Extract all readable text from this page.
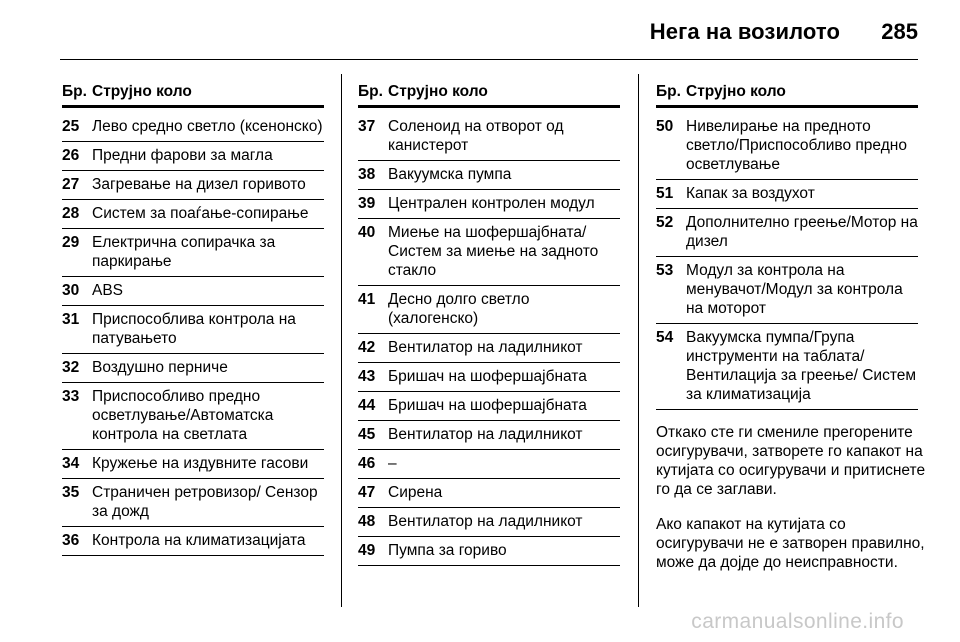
Нега на возилото 285
Бр. Струјно коло
25 Лево средно светло (ксенонско)
26 Предни фарови за магла
27 Загревање на дизел горивото
28 Систем за поаѓање-сопирање
29 Електрична сопирачка за паркирање
30 ABS
31 Приспособлива контрола на патувањето
32 Воздушно перниче
33 Приспособливо предно осветлување/Автоматска контрола на светлата
34 Кружење на издувните гасови
35 Страничен ретровизор/ Сензор за дожд
36 Контрола на климатизацијата
Бр. Струјно коло
37 Соленоид на отворот од канистерот
38 Вакуумска пумпа
39 Централен контролен модул
40 Миење на шофершајбната/ Систем за миење на задното стакло
41 Десно долго светло (халогенско)
42 Вентилатор на ладилникот
43 Бришач на шофершајбната
44 Бришач на шофершајбната
45 Вентилатор на ладилникот
46 –
47 Сирена
48 Вентилатор на ладилникот
49 Пумпа за гориво
Бр. Струјно коло
50 Нивелирање на предното светло/Приспособливо предно осветлување
51 Капак за воздухот
52 Дополнително греење/Мотор на дизел
53 Модул за контрола на менувачот/Модул за контрола на моторот
54 Вакуумска пумпа/Група инструменти на таблата/ Вентилација за греење/ Систем за климатизација

Откако сте ги смениле прегорените осигурувачи, затворете го капакот на кутијата со осигурувачи и притиснете го да се заглави.

Ако капакот на кутијата со осигурувачи не е затворен правилно, може да дојде до неисправности.

carmanualsonline.info
